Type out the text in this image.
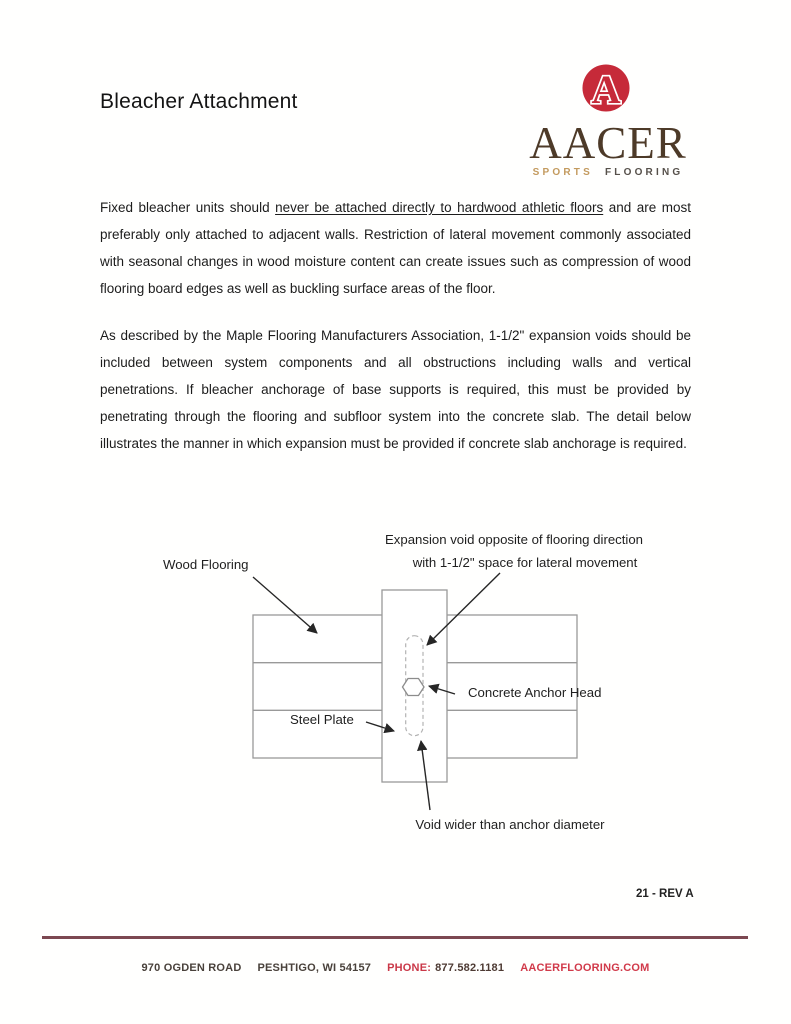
Bleacher Attachment	A
AACER
SPORTS FLOORING

Fixed bleacher units should never be attached directly to hardwood athletic floors and are most preferably only attached to adjacent walls. Restriction of lateral movement commonly associated with seasonal changes in wood moisture content can create issues such as compression of wood flooring board edges as well as buckling surface areas of the floor.

As described by the Maple Flooring Manufacturers Association, 1-1/2" expansion voids should be included between system components and all obstructions including walls and vertical penetrations. If bleacher anchorage of base supports is required, this must be provided by penetrating through the flooring and subfloor system into the concrete slab. The detail below illustrates the manner in which expansion must be provided if concrete slab anchorage is required.

Wood Flooring
Expansion void opposite of flooring direction
with 1-1/2" space for lateral movement
Concrete Anchor Head
Steel Plate
Void wider than anchor diameter
21 - REV A
970 OGDEN ROAD PESHTIGO, WI 54157 PHONE: 877.582.1181 AACERFLOORING.COM
